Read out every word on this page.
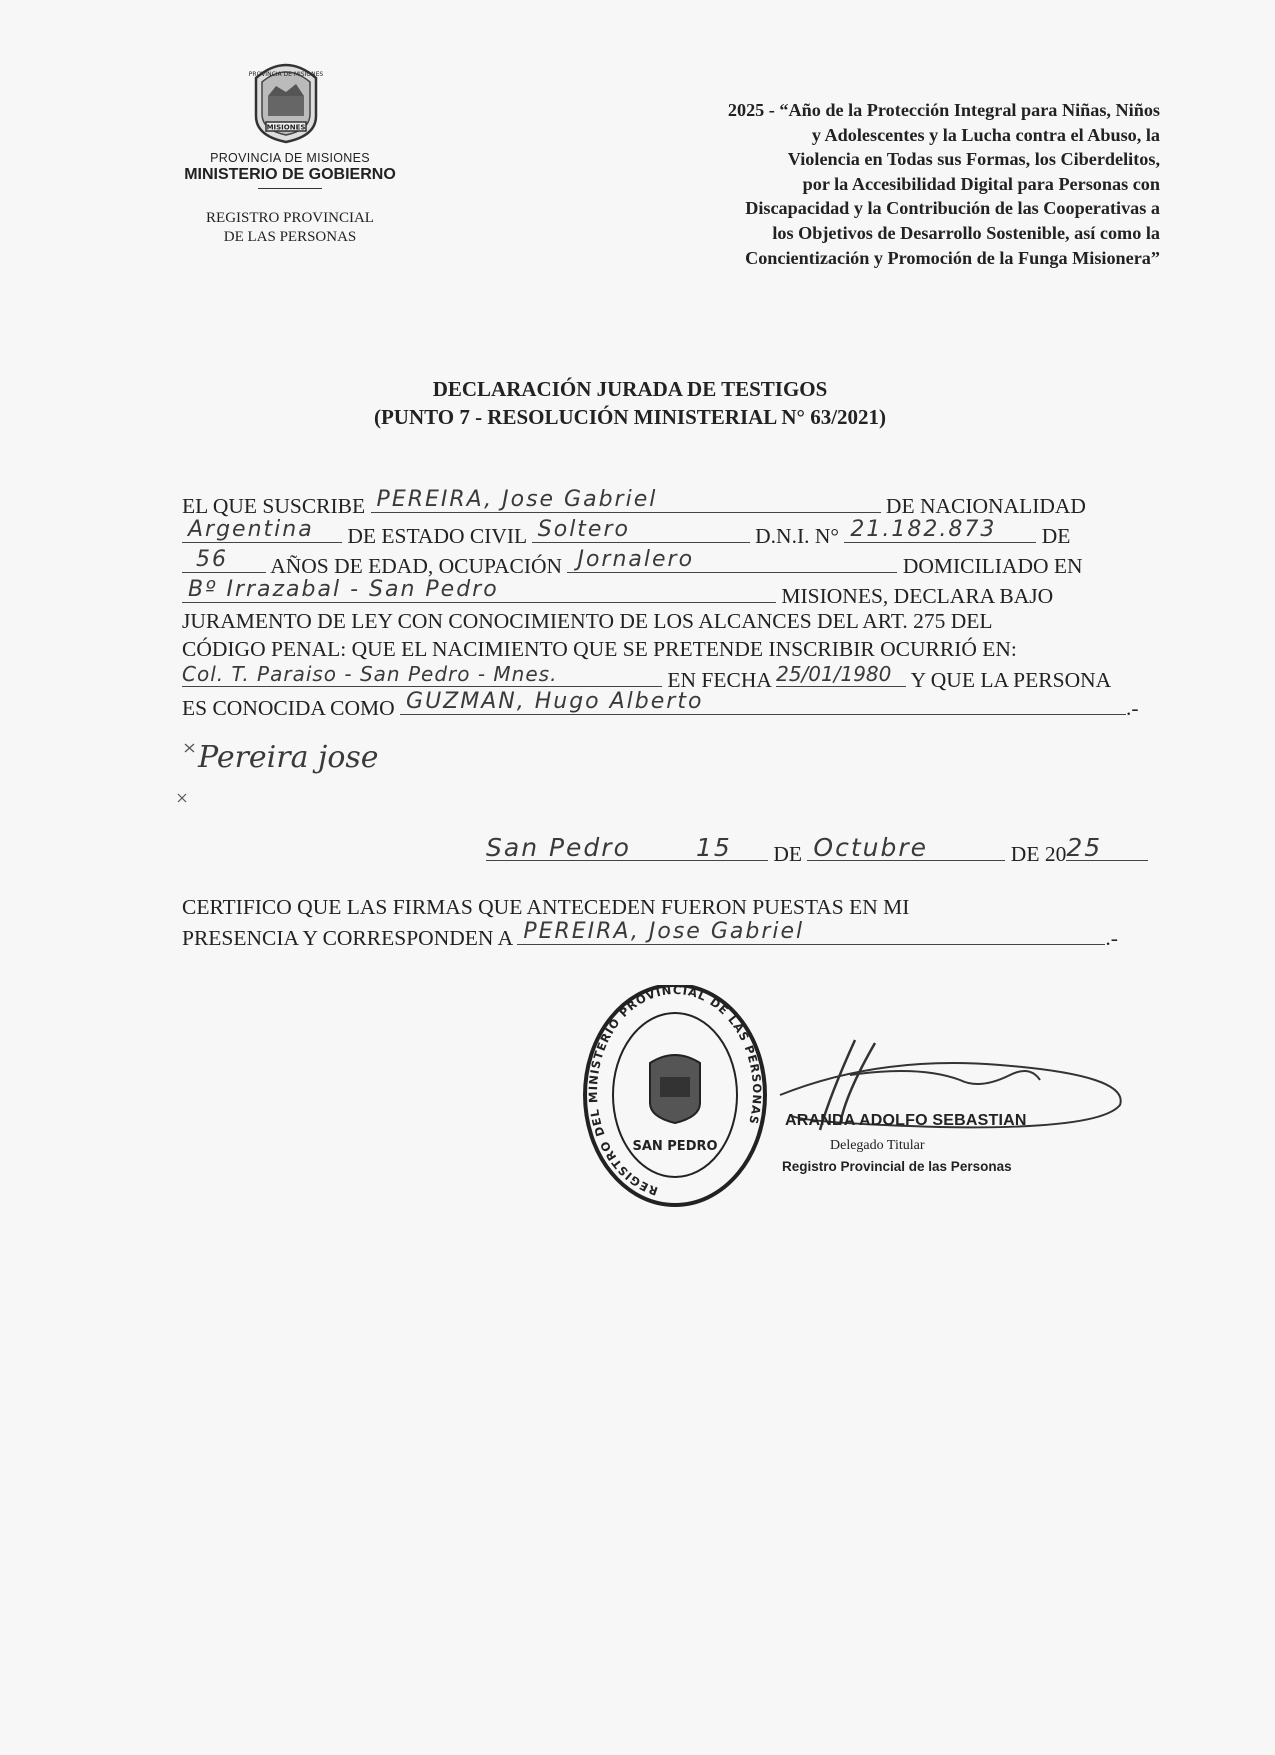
PROVINCIA DE MISIONES
MISIONES
PROVINCIA DE MISIONES
MINISTERIO DE GOBIERNO
REGISTRO PROVINCIAL
DE LAS PERSONAS
2025 - “Año de la Protección Integral para Niñas, Niños
y Adolescentes y la Lucha contra el Abuso, la
Violencia en Todas sus Formas, los Ciberdelitos,
por la Accesibilidad Digital para Personas con
Discapacidad y la Contribución de las Cooperativas a
los Objetivos de Desarrollo Sostenible, así como la
Concientización y Promoción de la Funga Misionera”
DECLARACIÓN JURADA DE TESTIGOS
(PUNTO 7 - RESOLUCIÓN MINISTERIAL N° 63/2021)
EL QUE SUSCRIBE PEREIRA, Jose Gabriel	DE NACIONALIDAD
Argentina DE ESTADO CIVIL Soltero	D.N.I. N° 21.182.873 DE
56 AÑOS DE EDAD, OCUPACIÓN Jornalero	DOMICILIADO EN
Bº Irrazabal - San Pedro	MISIONES, DECLARA BAJO
JURAMENTO DE LEY CON CONOCIMIENTO DE LOS ALCANCES DEL ART. 275 DEL
CÓDIGO PENAL: QUE EL NACIMIENTO QUE SE PRETENDE INSCRIBIR OCURRIÓ EN:
Col. T. Paraiso - San Pedro - Mnes.	EN FECHA 25/01/1980 Y QUE LA PERSONA
ES CONOCIDA COMO GUZMAN, Hugo Alberto	.-
Pereira jose
San Pedro	15 DE Octubre	DE 20 25
CERTIFICO QUE LAS FIRMAS QUE ANTECEDEN FUERON PUESTAS EN MI
PRESENCIA Y CORRESPONDEN A PEREIRA, Jose Gabriel	.-
REGISTRO DEL MINISTERIO PROVINCIAL DE LAS PERSONAS
SAN PEDRO
ARANDA ADOLFO SEBASTIAN
Delegado Titular
Registro Provincial de las Personas
